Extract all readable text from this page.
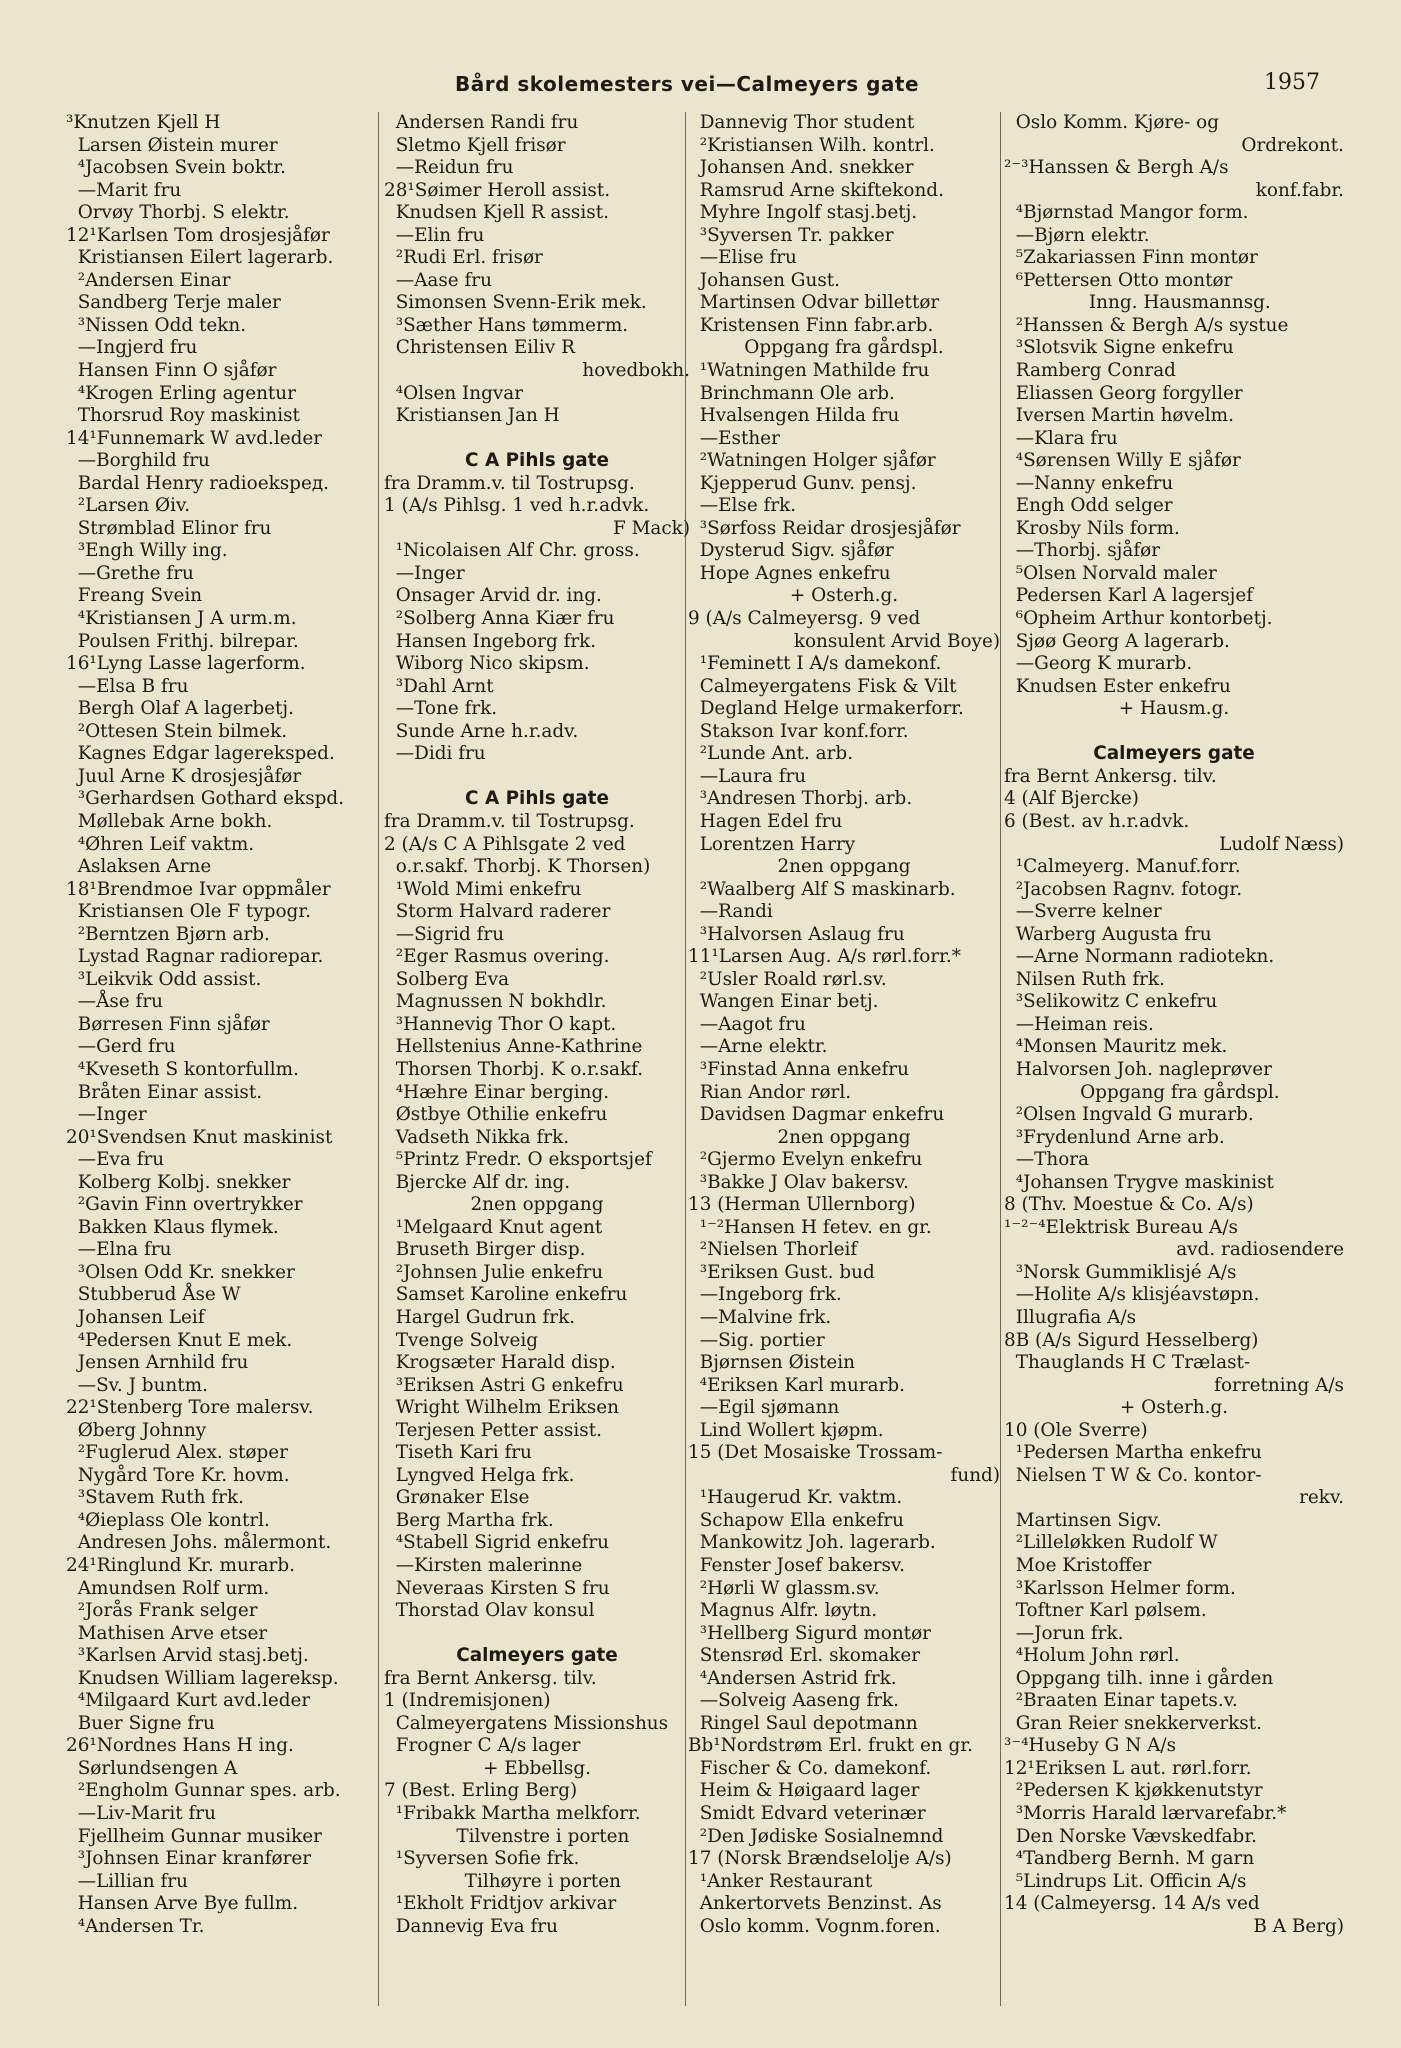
Bård skolemesters vei—Calmeyers gate	1957
³Knutzen Kjell H
Larsen Øistein murer
⁴Jacobsen Svein boktr.
—Marit fru
Orvøy Thorbj. S elektr.
12¹Karlsen Tom drosjesjåfør
Kristiansen Eilert lagerarb.
²Andersen Einar
Sandberg Terje maler
³Nissen Odd tekn.
—Ingjerd fru
Hansen Finn O sjåfør
⁴Krogen Erling agentur
Thorsrud Roy maskinist
14¹Funnemark W avd.leder
—Borghild fru
Bardal Henry radioekspeд.
²Larsen Øiv.
Strømblad Elinor fru
³Engh Willy ing.
—Grethe fru
Freang Svein
⁴Kristiansen J A urm.m.
Poulsen Frithj. bilrepar.
16¹Lyng Lasse lagerform.
—Elsa B fru
Bergh Olaf A lagerbetj.
²Ottesen Stein bilmek.
Kagnes Edgar lagereksped.
Juul Arne K drosjesjåfør
³Gerhardsen Gothard ekspd.
Møllebak Arne bokh.
⁴Øhren Leif vaktm.
Aslaksen Arne
18¹Brendmoe Ivar oppmåler
Kristiansen Ole F typogr.
²Berntzen Bjørn arb.
Lystad Ragnar radiorepar.
³Leikvik Odd assist.
—Åse fru
Børresen Finn sjåfør
—Gerd fru
⁴Kveseth S kontorfullm.
Bråten Einar assist.
—Inger
20¹Svendsen Knut maskinist
—Eva fru
Kolberg Kolbj. snekker
²Gavin Finn overtrykker
Bakken Klaus flymek.
—Elna fru
³Olsen Odd Kr. snekker
Stubberud Åse W
Johansen Leif
⁴Pedersen Knut E mek.
Jensen Arnhild fru
—Sv. J buntm.
22¹Stenberg Tore malersv.
Øberg Johnny
²Fuglerud Alex. støper
Nygård Tore Kr. hovm.
³Stavem Ruth frk.
⁴Øieplass Ole kontrl.
Andresen Johs. målermont.
24¹Ringlund Kr. murarb.
Amundsen Rolf urm.
²Jorås Frank selger
Mathisen Arve etser
³Karlsen Arvid stasj.betj.
Knudsen William lagereksp.
⁴Milgaard Kurt avd.leder
Buer Signe fru
26¹Nordnes Hans H ing.
Sørlundsengen A
²Engholm Gunnar spes. arb.
—Liv-Marit fru
Fjellheim Gunnar musiker
³Johnsen Einar kranfører
—Lillian fru
Hansen Arve Bye fullm.
⁴Andersen Tr.
Andersen Randi fru
Sletmo Kjell frisør
—Reidun fru
28¹Søimer Heroll assist.
Knudsen Kjell R assist.
—Elin fru
²Rudi Erl. frisør
—Aase fru
Simonsen Svenn-Erik mek.
³Sæther Hans tømmerm.
Christensen Eiliv R
hovedbokh.
⁴Olsen Ingvar
Kristiansen Jan H
C A Pihls gate
fra Dramm.v. til Tostrupsg.
1 (A/s Pihlsg. 1 ved h.r.advk.
F Mack)
¹Nicolaisen Alf Chr. gross.
—Inger
Onsager Arvid dr. ing.
²Solberg Anna Kiær fru
Hansen Ingeborg frk.
Wiborg Nico skipsm.
³Dahl Arnt
—Tone frk.
Sunde Arne h.r.adv.
—Didi fru
C A Pihls gate
fra Dramm.v. til Tostrupsg.
2 (A/s C A Pihlsgate 2 ved
o.r.sakf. Thorbj. K Thorsen)
¹Wold Mimi enkefru
Storm Halvard raderer
—Sigrid fru
²Eger Rasmus overing.
Solberg Eva
Magnussen N bokhdlr.
³Hannevig Thor O kapt.
Hellstenius Anne-Kathrine
Thorsen Thorbj. K o.r.sakf.
⁴Hæhre Einar berging.
Østbye Othilie enkefru
Vadseth Nikka frk.
⁵Printz Fredr. O eksportsjef
Bjercke Alf dr. ing.
2nen oppgang
¹Melgaard Knut agent
Bruseth Birger disp.
²Johnsen Julie enkefru
Samset Karoline enkefru
Hargel Gudrun frk.
Tvenge Solveig
Krogsæter Harald disp.
³Eriksen Astri G enkefru
Wright Wilhelm Eriksen
Terjesen Petter assist.
Tiseth Kari fru
Lyngved Helga frk.
Grønaker Else
Berg Martha frk.
⁴Stabell Sigrid enkefru
—Kirsten malerinne
Neveraas Kirsten S fru
Thorstad Olav konsul
Calmeyers gate
fra Bernt Ankersg. tilv.
1 (Indremisjonen)
Calmeyergatens Missionshus
Frogner C A/s lager
+ Ebbellsg.
7 (Best. Erling Berg)
¹Fribakk Martha melkforr.
Tilvenstre i porten
¹Syversen Sofie frk.
Tilhøyre i porten
¹Ekholt Fridtjov arkivar
Dannevig Eva fru
Dannevig Thor student
²Kristiansen Wilh. kontrl.
Johansen And. snekker
Ramsrud Arne skiftekond.
Myhre Ingolf stasj.betj.
³Syversen Tr. pakker
—Elise fru
Johansen Gust.
Martinsen Odvar billettør
Kristensen Finn fabr.arb.
Oppgang fra gårdspl.
¹Watningen Mathilde fru
Brinchmann Ole arb.
Hvalsengen Hilda fru
—Esther
²Watningen Holger sjåfør
Kjepperud Gunv. pensj.
—Else frk.
³Sørfoss Reidar drosjesjåfør
Dysterud Sigv. sjåfør
Hope Agnes enkefru
+ Osterh.g.
9 (A/s Calmeyersg. 9 ved
konsulent Arvid Boye)
¹Feminett I A/s damekonf.
Calmeyergatens Fisk & Vilt
Degland Helge urmakerforr.
Stakson Ivar konf.forr.
²Lunde Ant. arb.
—Laura fru
³Andresen Thorbj. arb.
Hagen Edel fru
Lorentzen Harry
2nen oppgang
²Waalberg Alf S maskinarb.
—Randi
³Halvorsen Aslaug fru
11¹Larsen Aug. A/s rørl.forr.*
²Usler Roald rørl.sv.
Wangen Einar betj.
—Aagot fru
—Arne elektr.
³Finstad Anna enkefru
Rian Andor rørl.
Davidsen Dagmar enkefru
2nen oppgang
²Gjermo Evelyn enkefru
³Bakke J Olav bakersv.
13 (Herman Ullernborg)
¹⁻²Hansen H fetev. en gr.
²Nielsen Thorleif
³Eriksen Gust. bud
—Ingeborg frk.
—Malvine frk.
—Sig. portier
Bjørnsen Øistein
⁴Eriksen Karl murarb.
—Egil sjømann
Lind Wollert kjøpm.
15 (Det Mosaiske Trossam-
fund)
¹Haugerud Kr. vaktm.
Schapow Ella enkefru
Mankowitz Joh. lagerarb.
Fenster Josef bakersv.
²Hørli W glassm.sv.
Magnus Alfr. løytn.
³Hellberg Sigurd montør
Stensrød Erl. skomaker
⁴Andersen Astrid frk.
—Solveig Aaseng frk.
Ringel Saul depotmann
Bb¹Nordstrøm Erl. frukt en gr.
Fischer & Co. damekonf.
Heim & Høigaard lager
Smidt Edvard veterinær
²Den Jødiske Sosialnemnd
17 (Norsk Brændselolje A/s)
¹Anker Restaurant
Ankertorvets Benzinst. As
Oslo komm. Vognm.foren.
Oslo Komm. Kjøre- og
Ordrekont.
²⁻³Hanssen & Bergh A/s
konf.fabr.
⁴Bjørnstad Mangor form.
—Bjørn elektr.
⁵Zakariassen Finn montør
⁶Pettersen Otto montør
Inng. Hausmannsg.
²Hanssen & Bergh A/s systue
³Slotsvik Signe enkefru
Ramberg Conrad
Eliassen Georg forgyller
Iversen Martin høvelm.
—Klara fru
⁴Sørensen Willy E sjåfør
—Nanny enkefru
Engh Odd selger
Krosby Nils form.
—Thorbj. sjåfør
⁵Olsen Norvald maler
Pedersen Karl A lagersjef
⁶Opheim Arthur kontorbetj.
Sjøø Georg A lagerarb.
—Georg K murarb.
Knudsen Ester enkefru
+ Hausm.g.
Calmeyers gate
fra Bernt Ankersg. tilv.
4 (Alf Bjercke)
6 (Best. av h.r.advk.
Ludolf Næss)
¹Calmeyerg. Manuf.forr.
²Jacobsen Ragnv. fotogr.
—Sverre kelner
Warberg Augusta fru
—Arne Normann radiotekn.
Nilsen Ruth frk.
³Selikowitz C enkefru
—Heiman reis.
⁴Monsen Mauritz mek.
Halvorsen Joh. nagleprøver
Oppgang fra gårdspl.
²Olsen Ingvald G murarb.
³Frydenlund Arne arb.
—Thora
⁴Johansen Trygve maskinist
8 (Thv. Moestue & Co. A/s)
¹⁻²⁻⁴Elektrisk Bureau A/s
avd. radiosendere
³Norsk Gummiklisjé A/s
—Holite A/s klisjéavstøpn.
Illugrafia A/s
8B (A/s Sigurd Hesselberg)
Thauglands H C Trælast-
forretning A/s
+ Osterh.g.
10 (Ole Sverre)
¹Pedersen Martha enkefru
Nielsen T W & Co. kontor-
rekv.
Martinsen Sigv.
²Lilleløkken Rudolf W
Moe Kristoffer
³Karlsson Helmer form.
Toftner Karl pølsem.
—Jorun frk.
⁴Holum John rørl.
Oppgang tilh. inne i gården
²Braaten Einar tapets.v.
Gran Reier snekkerverkst.
³⁻⁴Huseby G N A/s
12¹Eriksen L aut. rørl.forr.
²Pedersen K kjøkkenutstyr
³Morris Harald lærvarefabr.*
Den Norske Vævskedfabr.
⁴Tandberg Bernh. M garn
⁵Lindrups Lit. Officin A/s
14 (Calmeyersg. 14 A/s ved
B A Berg)
